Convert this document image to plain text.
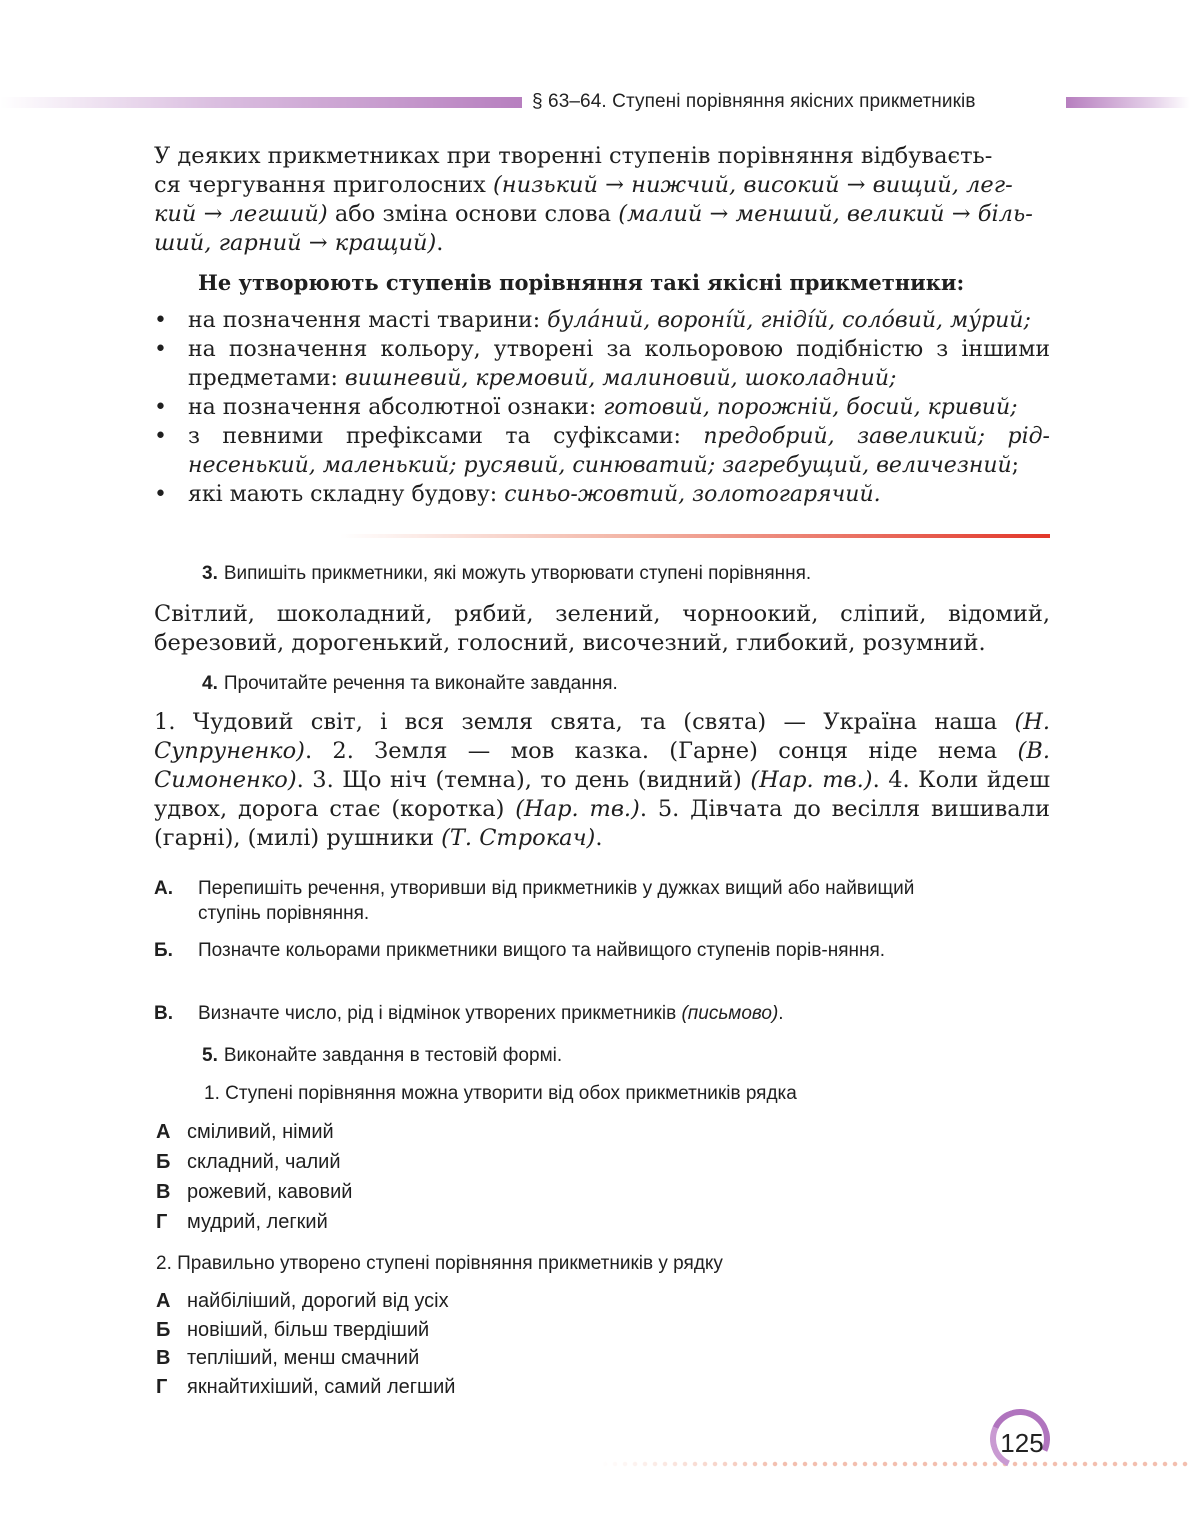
§ 63–64. Ступені порівняння якісних прикметників
У деяких прикметниках при творенні ступенів порівняння відбуваєть-
ся чергування приголосних (низький → нижчий, високий → вищий, лег-
кий → легший) або зміна основи слова (малий → менший, великий → біль-
ший, гарний → кращий).
Не утворюють ступенів порівняння такі якісні прикметники:
• на позначення масті тварини: була́ний, вороні́й, гніді́й, соло́вий, му́рий;
• на позначення кольору, утворені за кольоровою подібністю з іншими предметами: вишневий, кремовий, малиновий, шоколадний;
• на позначення абсолютної ознаки: готовий, порожній, босий, кривий;
• з певними префіксами та суфіксами: предобрий, завеликий; рід-несенький, маленький; русявий, синюватий; загребущий, величезний;
• які мають складну будову: синьо-жовтий, золотогарячий.
3. Випишіть прикметники, які можуть утворювати ступені порівняння.
Світлий, шоколадний, рябий, зелений, чорноокий, сліпий, відомий, березовий, дорогенький, голосний, височезний, глибокий, розумний.
4. Прочитайте речення та виконайте завдання.
1. Чудовий світ, і вся земля свята, та (свята) — Україна наша (Н. Супруненко). 2. Земля — мов казка. (Гарне) сонця ніде нема (В. Симоненко). 3. Що ніч (темна), то день (видний) (Нар. тв.). 4. Коли йдеш удвох, дорога стає (коротка) (Нар. тв.). 5. Дівчата до весілля вишивали (гарні), (милі) рушники (Т. Строкач).
А. Перепишіть речення, утворивши від прикметників у дужках вищий або найвищий ступінь порівняння.
Б. Позначте кольорами прикметники вищого та найвищого ступенів порів-няння.
В. Визначте число, рід і відмінок утворених прикметників (письмово).
5. Виконайте завдання в тестовій формі.
1. Ступені порівняння можна утворити від обох прикметників рядка
А сміливий, німий
Б складний, чалий
В рожевий, кавовий
Г мудрий, легкий
2. Правильно утворено ступені порівняння прикметників у рядку
А найбіліший, дорогий від усіх
Б новіший, більш твердіший
В тепліший, менш смачний
Г якнайтихіший, самий легший
125
